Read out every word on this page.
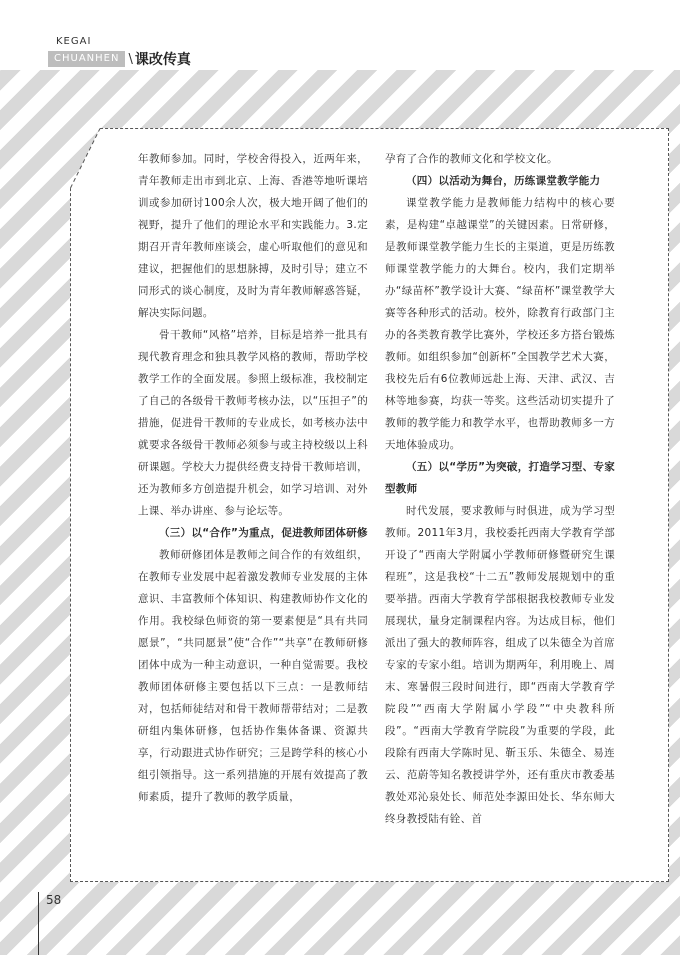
KEGAI
CHUANHEN \ 课改传真

年教师参加。同时，学校舍得投入，近两年来，青年教师走出市到北京、上海、香港等地听课培训或参加研讨100余人次，极大地开阔了他们的视野，提升了他们的理论水平和实践能力。3.定期召开青年教师座谈会，虚心听取他们的意见和建议，把握他们的思想脉搏，及时引导；建立不同形式的谈心制度，及时为青年教师解惑答疑，解决实际问题。

骨干教师“风格”培养，目标是培养一批具有现代教育理念和独具教学风格的教师，帮助学校教学工作的全面发展。参照上级标准，我校制定了自己的各级骨干教师考核办法，以“压担子”的措施，促进骨干教师的专业成长，如考核办法中就要求各级骨干教师必须参与或主持校级以上科研课题。学校大力提供经费支持骨干教师培训，还为教师多方创造提升机会，如学习培训、对外上课、举办讲座、参与论坛等。

（三）以“合作”为重点，促进教师团体研修

教师研修团体是教师之间合作的有效组织，在教师专业发展中起着激发教师专业发展的主体意识、丰富教师个体知识、构建教师协作文化的作用。我校绿色师资的第一要素便是“具有共同愿景”，“共同愿景”使“合作”“共享”在教师研修团体中成为一种主动意识，一种自觉需要。我校教师团体研修主要包括以下三点：一是教师结对，包括师徒结对和骨干教师帮带结对；二是教研组内集体研修，包括协作集体备课、资源共享，行动跟进式协作研究；三是跨学科的核心小组引领指导。这一系列措施的开展有效提高了教师素质，提升了教师的教学质量，

孕育了合作的教师文化和学校文化。

（四）以活动为舞台，历练课堂教学能力

课堂教学能力是教师能力结构中的核心要素，是构建“卓越课堂”的关键因素。日常研修，是教师课堂教学能力生长的主渠道，更是历练教师课堂教学能力的大舞台。校内，我们定期举办“绿苗杯”教学设计大赛、“绿苗杯”课堂教学大赛等各种形式的活动。校外，除教育行政部门主办的各类教育教学比赛外，学校还多方搭台锻炼教师。如组织参加“创新杯”全国教学艺术大赛，我校先后有6位教师远赴上海、天津、武汉、吉林等地参赛，均获一等奖。这些活动切实提升了教师的教学能力和教学水平，也帮助教师多一方天地体验成功。

（五）以“学历”为突破，打造学习型、专家型教师

时代发展，要求教师与时俱进，成为学习型教师。2011年3月，我校委托西南大学教育学部开设了“西南大学附属小学教师研修暨研究生课程班”，这是我校“十二五”教师发展规划中的重要举措。西南大学教育学部根据我校教师专业发展现状，量身定制课程内容。为达成目标，他们派出了强大的教师阵容，组成了以朱德全为首席专家的专家小组。培训为期两年，利用晚上、周末、寒暑假三段时间进行，即“西南大学教育学院段”“西南大学附属小学段”“中央教科所段”。“西南大学教育学院段”为重要的学段，此段除有西南大学陈时见、靳玉乐、朱德全、易连云、范蔚等知名教授讲学外，还有重庆市教委基教处邓沁泉处长、师范处李源田处长、华东师大终身教授陆有铨、首

58
